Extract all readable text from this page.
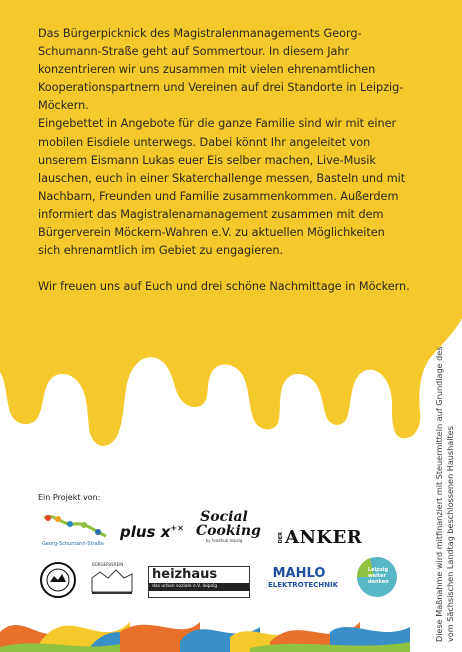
Das Bürgerpicknick des Magistralenmanagements Georg-Schumann-Straße geht auf Sommertour. In diesem Jahr konzentrieren wir uns zusammen mit vielen ehrenamtlichen Kooperationspartnern und Vereinen auf drei Standorte in Leipzig-Möckern.

Eingebettet in Angebote für die ganze Familie sind wir mit einer mobilen Eisdiele unterwegs. Dabei könnt Ihr angeleitet von unserem Eismann Lukas euer Eis selber machen, Live-Musik lauschen, euch in einer Skaterchallenge messen, Basteln und mit Nachbarn, Freunden und Familie zusammenkommen. Außerdem informiert das Magistralenamanagement zusammen mit dem Bürgerverein Möckern-Wahren e.V. zu aktuellen Möglichkeiten sich ehrenamtlich im Gebiet zu engagieren.

Wir freuen uns auf Euch und drei schöne Nachmittage in Möckern.

Diese Maßnahme wird mitfinanziert mit Steuermitteln auf Grundlage des vom Sächsischen Landtag beschlossenen Haushaltes
Ein Projekt von:
Georg-Schumann-Straße
plus x+×
Social
Cooking
by foodhub leipzig	DER ANKER
Leipzig
weiter
denken
BÜRGERVEREIN
heizhaus
das urban soziale e.V. leipzig
MAHLO
ELEKTROTECHNIK
